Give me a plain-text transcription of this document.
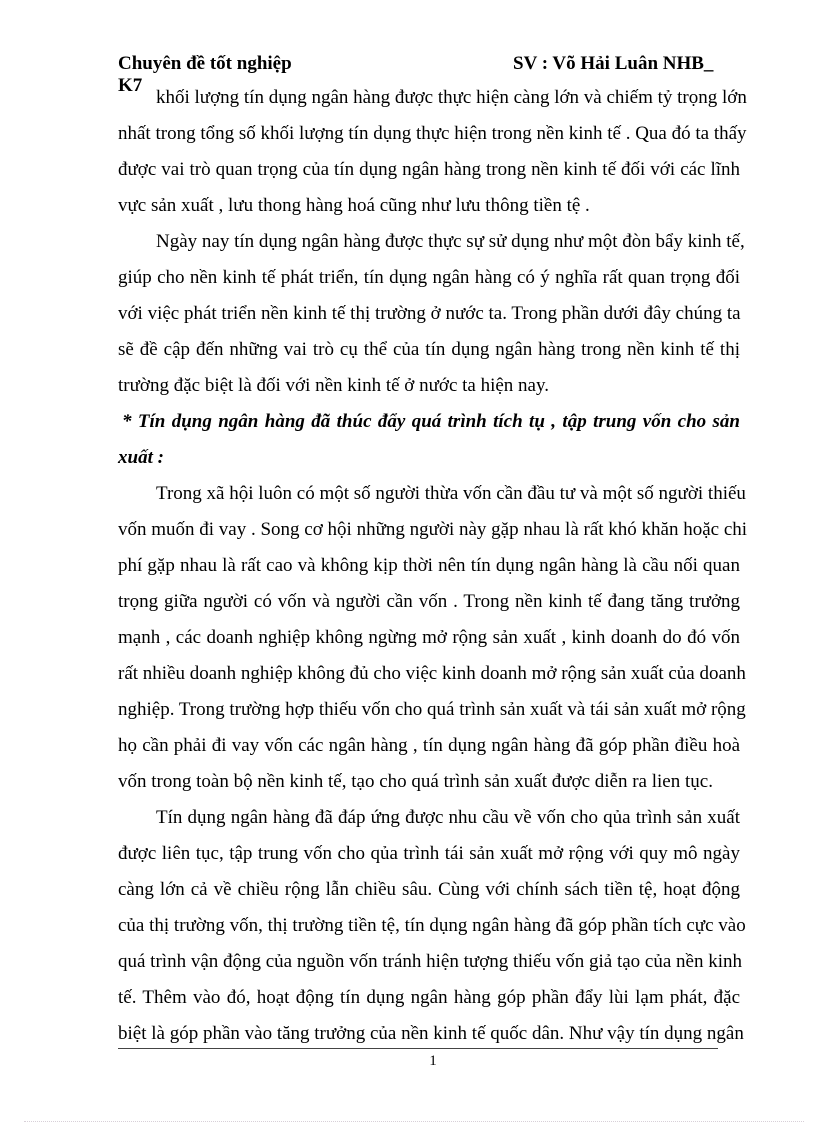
Chuyên đề tốt nghiệp	SV : Võ Hải Luân NHB_
K7
khối lượng tín dụng ngân hàng được thực hiện càng lớn và chiếm tỷ trọng lớn
nhất trong tổng số khối lượng tín dụng thực hiện trong nền kinh tế . Qua đó ta thấy
được vai trò quan trọng của tín dụng ngân hàng trong nền kinh tế đối với các lĩnh
vực sản xuất , lưu thong hàng hoá cũng như lưu thông tiền tệ .
Ngày nay tín dụng ngân hàng được thực sự sử dụng như một đòn bẩy kinh tế,
giúp cho nền kinh tế phát triển, tín dụng ngân hàng có ý nghĩa rất quan trọng đối
với việc phát triển nền kinh tế thị trường ở nước ta. Trong phần dưới đây chúng ta
sẽ đề cập đến những vai trò cụ thể của tín dụng ngân hàng trong nền kinh tế thị
trường đặc biệt là đối với nền kinh tế ở nước ta hiện nay.
* Tín dụng ngân hàng đã thúc đẩy quá trình tích tụ , tập trung vốn cho sản
xuất :
Trong xã hội luôn có một số người thừa vốn cần đầu tư và một số người thiếu
vốn muốn đi vay . Song cơ hội những người này gặp nhau là rất khó khăn hoặc chi
phí gặp nhau là rất cao và không kịp thời nên tín dụng ngân hàng là cầu nối quan
trọng giữa người có vốn và người cần vốn . Trong nền kinh tế đang tăng trưởng
mạnh , các doanh nghiệp không ngừng mở rộng sản xuất , kinh doanh do đó vốn
rất nhiều doanh nghiệp không đủ cho việc kinh doanh mở rộng sản xuất của doanh
nghiệp. Trong trường hợp thiếu vốn cho quá trình sản xuất và tái sản xuất mở rộng
họ cần phải đi vay vốn các ngân hàng , tín dụng ngân hàng đã góp phần điều hoà
vốn trong toàn bộ nền kinh tế, tạo cho quá trình sản xuất được diễn ra lien tục.
Tín dụng ngân hàng đã đáp ứng được nhu cầu về vốn cho qủa trình sản xuất
được liên tục, tập trung vốn cho qủa trình tái sản xuất mở rộng với quy mô ngày
càng lớn cả về chiều rộng lẫn chiều sâu. Cùng với chính sách tiền tệ, hoạt động
của thị trường vốn, thị trường tiền tệ, tín dụng ngân hàng đã góp phần tích cực vào
quá trình vận động của nguồn vốn tránh hiện tượng thiếu vốn giả tạo của nền kinh
tế. Thêm vào đó, hoạt động tín dụng ngân hàng góp phần đẩy lùi lạm phát, đặc
biệt là góp phần vào tăng trưởng của nền kinh tế quốc dân. Như vậy tín dụng ngân
1
